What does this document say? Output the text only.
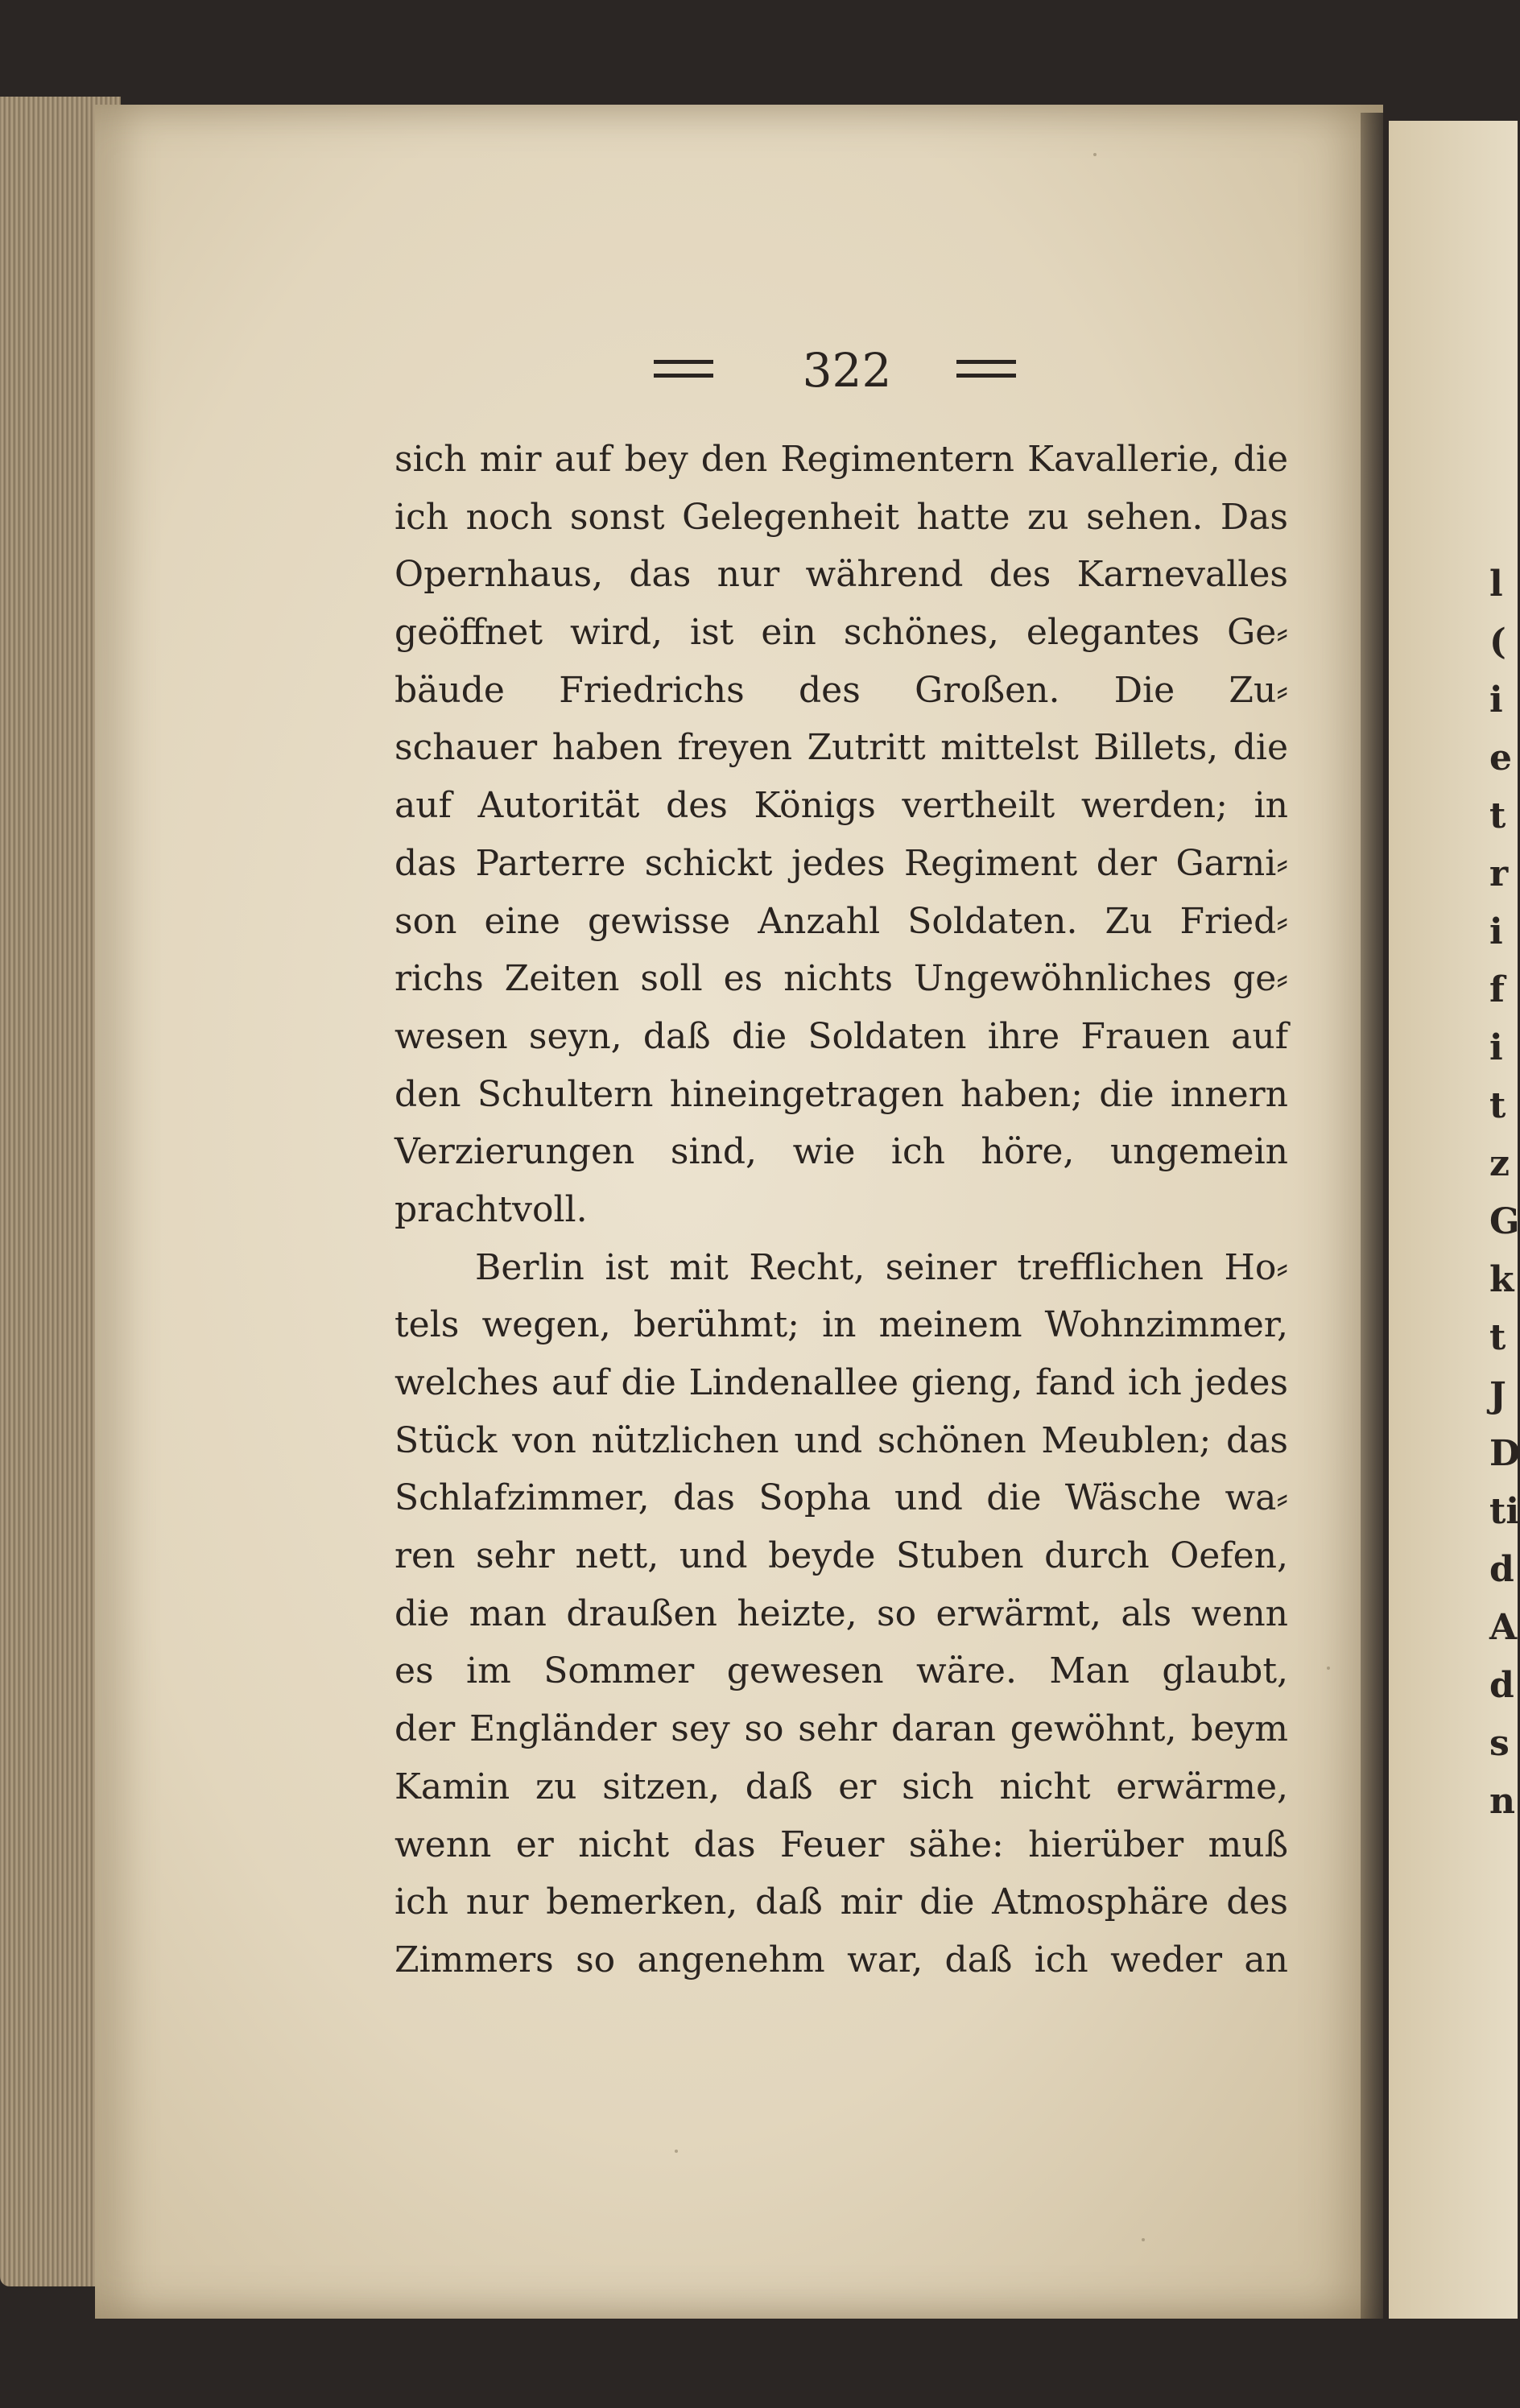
l
(
i
e
t
r
i
f
i
t
z
G
k
t
J
D
ti
d
A
d
s
n
322
sich mir auf bey den Regimentern Kavallerie, die
ich noch sonst Gelegenheit hatte zu sehen. Das
Opernhaus, das nur während des Karnevalles
geöffnet wird, ist ein schönes, elegantes Ge⸗
bäude Friedrichs des Großen. Die Zu⸗
schauer haben freyen Zutritt mittelst Billets, die
auf Autorität des Königs vertheilt werden; in
das Parterre schickt jedes Regiment der Garni⸗
son eine gewisse Anzahl Soldaten. Zu Fried⸗
richs Zeiten soll es nichts Ungewöhnliches ge⸗
wesen seyn, daß die Soldaten ihre Frauen auf
den Schultern hineingetragen haben; die innern
Verzierungen sind, wie ich höre, ungemein
prachtvoll.
Berlin ist mit Recht, seiner trefflichen Ho⸗
tels wegen, berühmt; in meinem Wohnzimmer,
welches auf die Lindenallee gieng, fand ich jedes
Stück von nützlichen und schönen Meublen; das
Schlafzimmer, das Sopha und die Wäsche wa⸗
ren sehr nett, und beyde Stuben durch Oefen,
die man draußen heizte, so erwärmt, als wenn
es im Sommer gewesen wäre. Man glaubt,
der Engländer sey so sehr daran gewöhnt, beym
Kamin zu sitzen, daß er sich nicht erwärme,
wenn er nicht das Feuer sähe: hierüber muß
ich nur bemerken, daß mir die Atmosphäre des
Zimmers so angenehm war, daß ich weder an
